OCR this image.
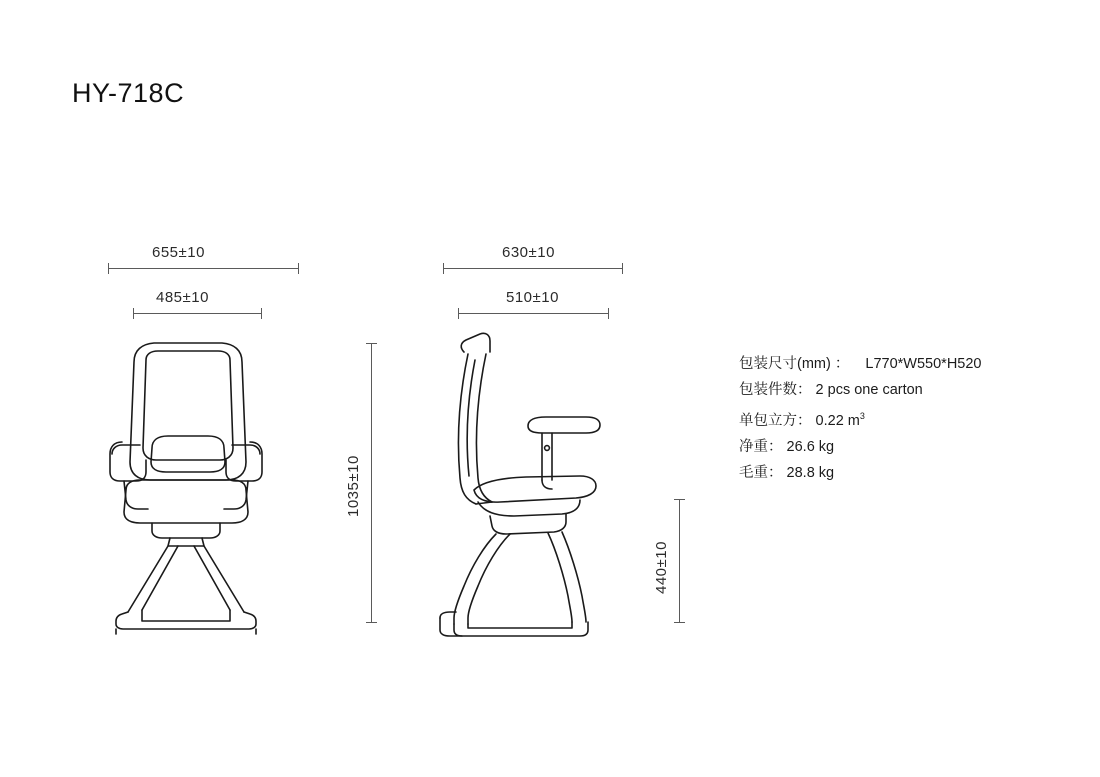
HY-718C
655±10
485±10
1035±10
630±10
510±10
440±10
包装尺寸(mm) ： L770*W550*H520
包装件数： 2 pcs one carton
单包立方： 0.22 $m^3$
净重： 26.6 kg
毛重： 28.8 kg
